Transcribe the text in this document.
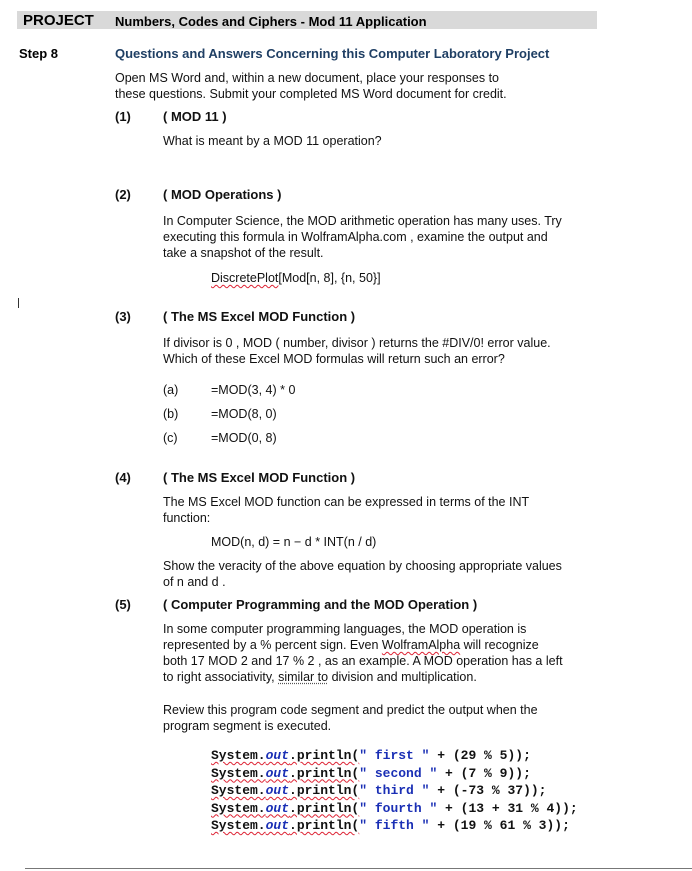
PROJECT Numbers, Codes and Ciphers - Mod 11 Application
Step 8	Questions and Answers Concerning this Computer Laboratory Project
Open MS Word and, within a new document, place your responses to
these questions. Submit your completed MS Word document for credit.
(1) ( MOD 11 )
What is meant by a MOD 11 operation?
(2) ( MOD Operations )
In Computer Science, the MOD arithmetic operation has many uses. Try
executing this formula in WolframAlpha.com , examine the output and
take a snapshot of the result.
DiscretePlot[Mod[n, 8], {n, 50}]
(3) ( The MS Excel MOD Function )
If divisor is 0 , MOD ( number, divisor ) returns the #DIV/0! error value.
Which of these Excel MOD formulas will return such an error?
(a)	=MOD(3, 4) * 0
(b)	=MOD(8, 0)
(c)	=MOD(0, 8)
(4) ( The MS Excel MOD Function )
The MS Excel MOD function can be expressed in terms of the INT
function:
MOD(n, d) = n − d * INT(n / d)
Show the veracity of the above equation by choosing appropriate values
of n and d .
(5) ( Computer Programming and the MOD Operation )
In some computer programming languages, the MOD operation is
represented by a % percent sign. Even WolframAlpha will recognize
both 17 MOD 2 and 17 % 2 , as an example. A MOD operation has a left
to right associativity, similar to division and multiplication.
Review this program code segment and predict the output when the
program segment is executed.
System.out.println(" first " + (29 % 5));
System.out.println(" second " + (7 % 9));
System.out.println(" third " + (-73 % 37));
System.out.println(" fourth " + (13 + 31 % 4));
System.out.println(" fifth " + (19 % 61 % 3));
